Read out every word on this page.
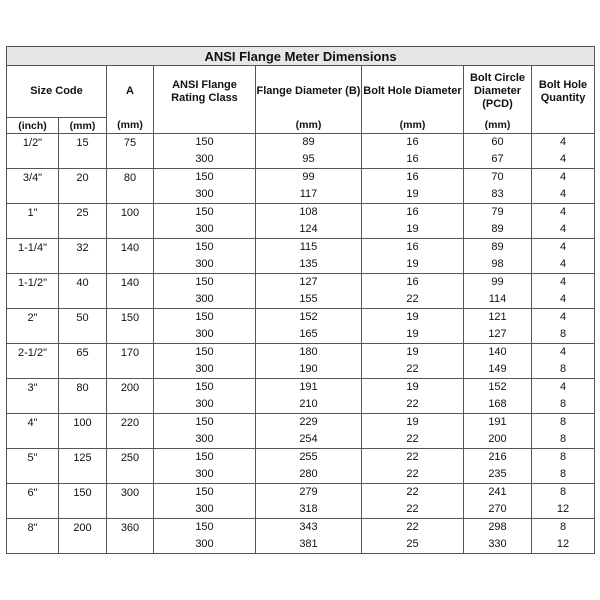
ANSI Flange Meter Dimensions							
Size Code		A	ANSI Flange Rating Class	Flange Diameter (B)	Bolt Hole Diameter	Bolt Circle Diameter (PCD)	Bolt Hole Quantity
(inch)	(mm)	(mm)		(mm)	(mm)	(mm)	
1/2"	15	75	150	89	16	60	4
			300	95	16	67	4
3/4"	20	80	150	99	16	70	4
			300	117	19	83	4
1"	25	100	150	108	16	79	4
			300	124	19	89	4
1-1/4"	32	140	150	115	16	89	4
			300	135	19	98	4
1-1/2"	40	140	150	127	16	99	4
			300	155	22	114	4
2"	50	150	150	152	19	121	4
			300	165	19	127	8
2-1/2"	65	170	150	180	19	140	4
			300	190	22	149	8
3"	80	200	150	191	19	152	4
			300	210	22	168	8
4"	100	220	150	229	19	191	8
			300	254	22	200	8
5"	125	250	150	255	22	216	8
			300	280	22	235	8
6"	150	300	150	279	22	241	8
			300	318	22	270	12
8"	200	360	150	343	22	298	8
			300	381	25	330	12
